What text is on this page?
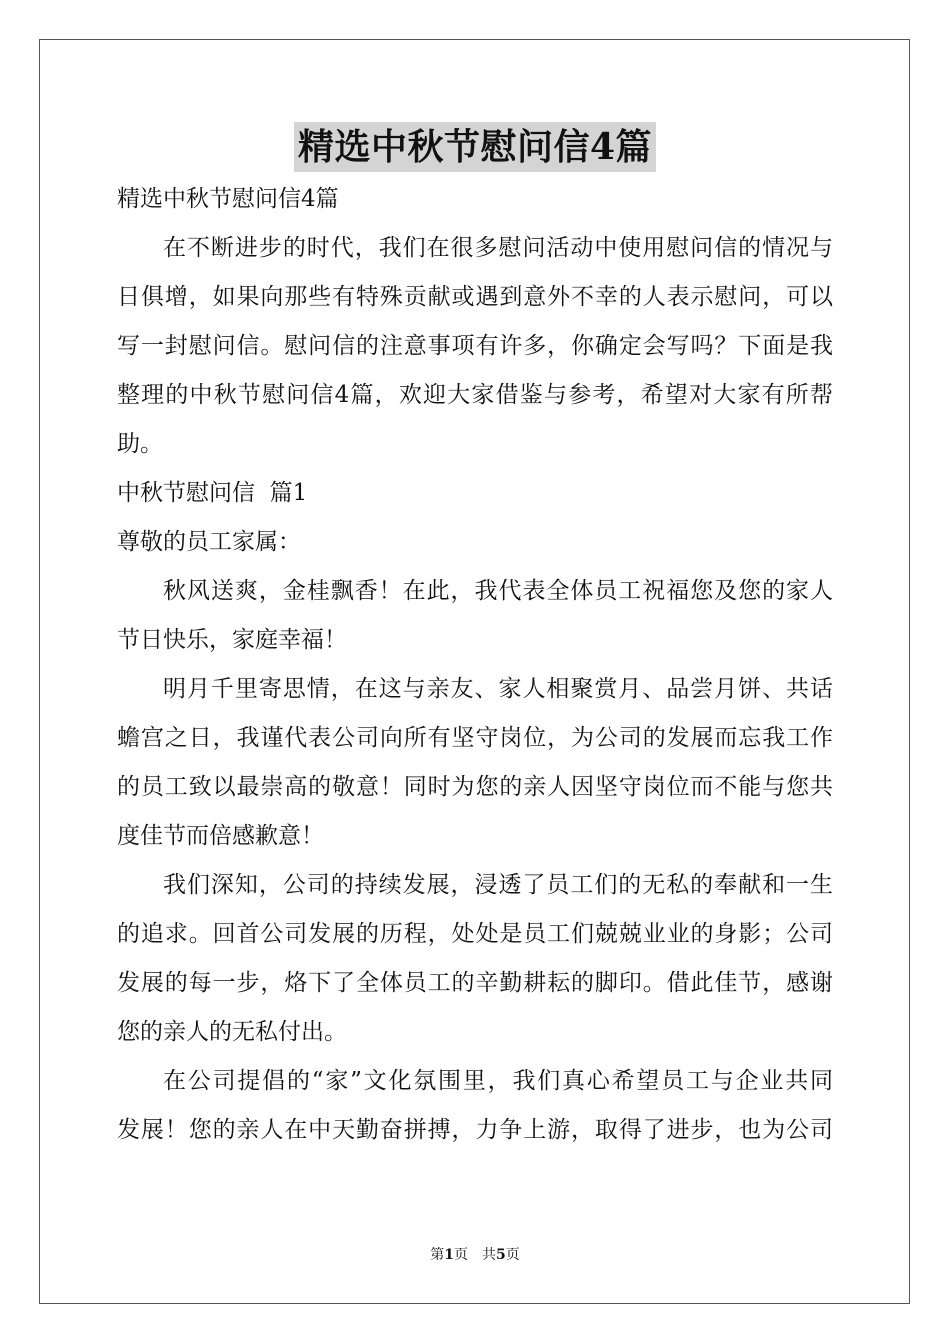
精选中秋节慰问信4篇
精选中秋节慰问信4篇
在不断进步的时代，我们在很多慰问活动中使用慰问信的情况与
日俱增，如果向那些有特殊贡献或遇到意外不幸的人表示慰问，可以
写一封慰问信。慰问信的注意事项有许多，你确定会写吗？下面是我
整理的中秋节慰问信4篇，欢迎大家借鉴与参考，希望对大家有所帮
助。
中秋节慰问信  篇1
尊敬的员工家属：
秋风送爽，金桂飘香！在此，我代表全体员工祝福您及您的家人
节日快乐，家庭幸福！
明月千里寄思情，在这与亲友、家人相聚赏月、品尝月饼、共话
蟾宫之日，我谨代表公司向所有坚守岗位，为公司的发展而忘我工作
的员工致以最崇高的敬意！同时为您的亲人因坚守岗位而不能与您共
度佳节而倍感歉意！
我们深知，公司的持续发展，浸透了员工们的无私的奉献和一生
的追求。回首公司发展的历程，处处是员工们兢兢业业的身影；公司
发展的每一步，烙下了全体员工的辛勤耕耘的脚印。借此佳节，感谢
您的亲人的无私付出。
在公司提倡的“家”文化氛围里，我们真心希望员工与企业共同
发展！您的亲人在中天勤奋拼搏，力争上游，取得了进步，也为公司
第1页　共5页
